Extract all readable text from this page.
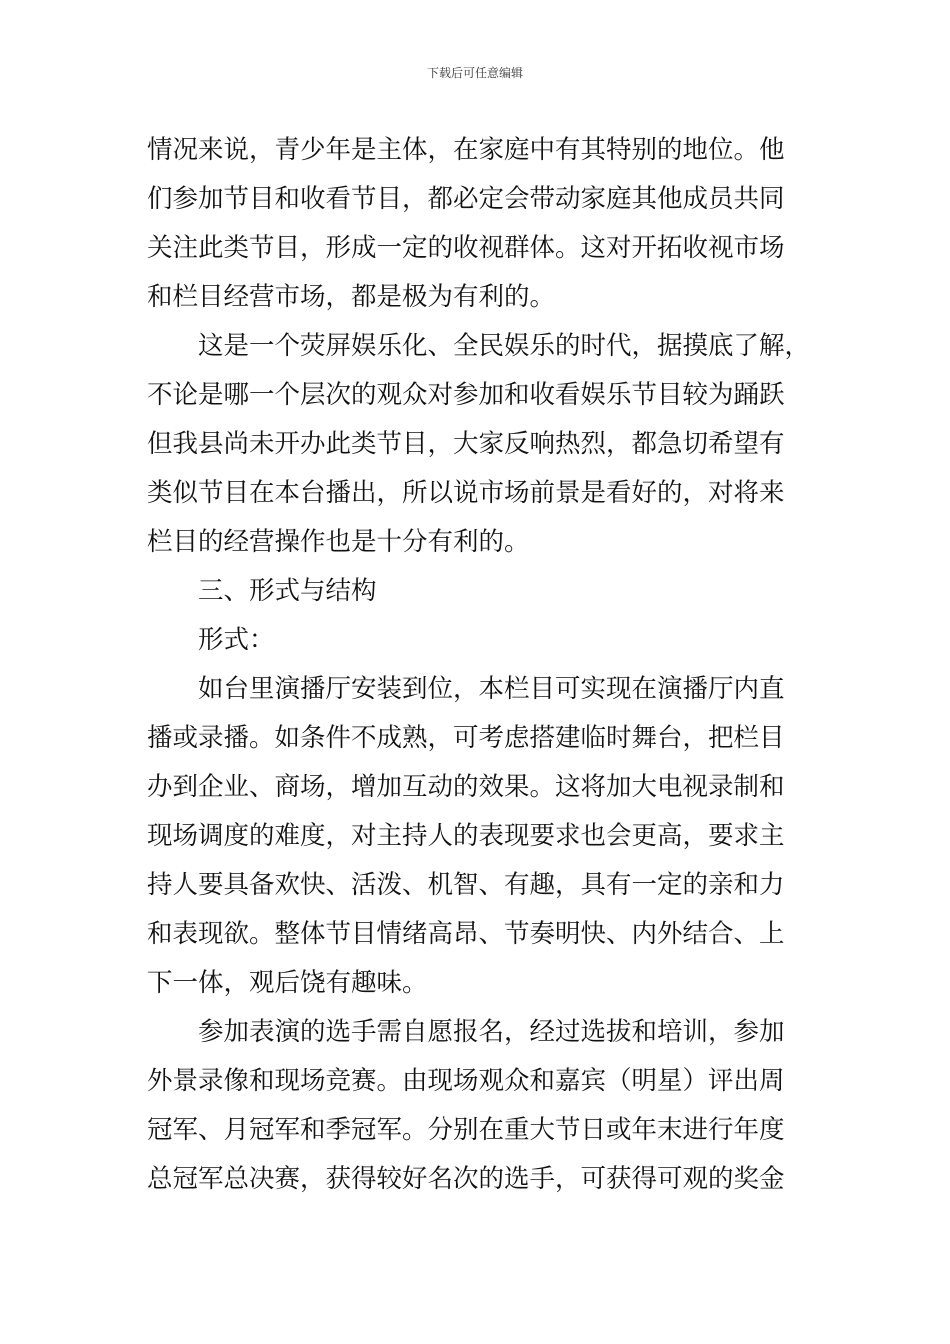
下载后可任意编辑
情况来说，青少年是主体，在家庭中有其特别的地位。他
们参加节目和收看节目，都必定会带动家庭其他成员共同
关注此类节目，形成一定的收视群体。这对开拓收视市场
和栏目经营市场，都是极为有利的。
这是一个荧屏娱乐化、全民娱乐的时代，据摸底了解，
不论是哪一个层次的观众对参加和收看娱乐节目较为踊跃
但我县尚未开办此类节目，大家反响热烈，都急切希望有
类似节目在本台播出，所以说市场前景是看好的，对将来
栏目的经营操作也是十分有利的。
三、形式与结构
形式：
如台里演播厅安装到位，本栏目可实现在演播厅内直
播或录播。如条件不成熟，可考虑搭建临时舞台，把栏目
办到企业、商场，增加互动的效果。这将加大电视录制和
现场调度的难度，对主持人的表现要求也会更高，要求主
持人要具备欢快、活泼、机智、有趣，具有一定的亲和力
和表现欲。整体节目情绪高昂、节奏明快、内外结合、上
下一体，观后饶有趣味。
参加表演的选手需自愿报名，经过选拔和培训，参加
外景录像和现场竞赛。由现场观众和嘉宾（明星）评出周
冠军、月冠军和季冠军。分别在重大节日或年末进行年度
总冠军总决赛，获得较好名次的选手，可获得可观的奖金
